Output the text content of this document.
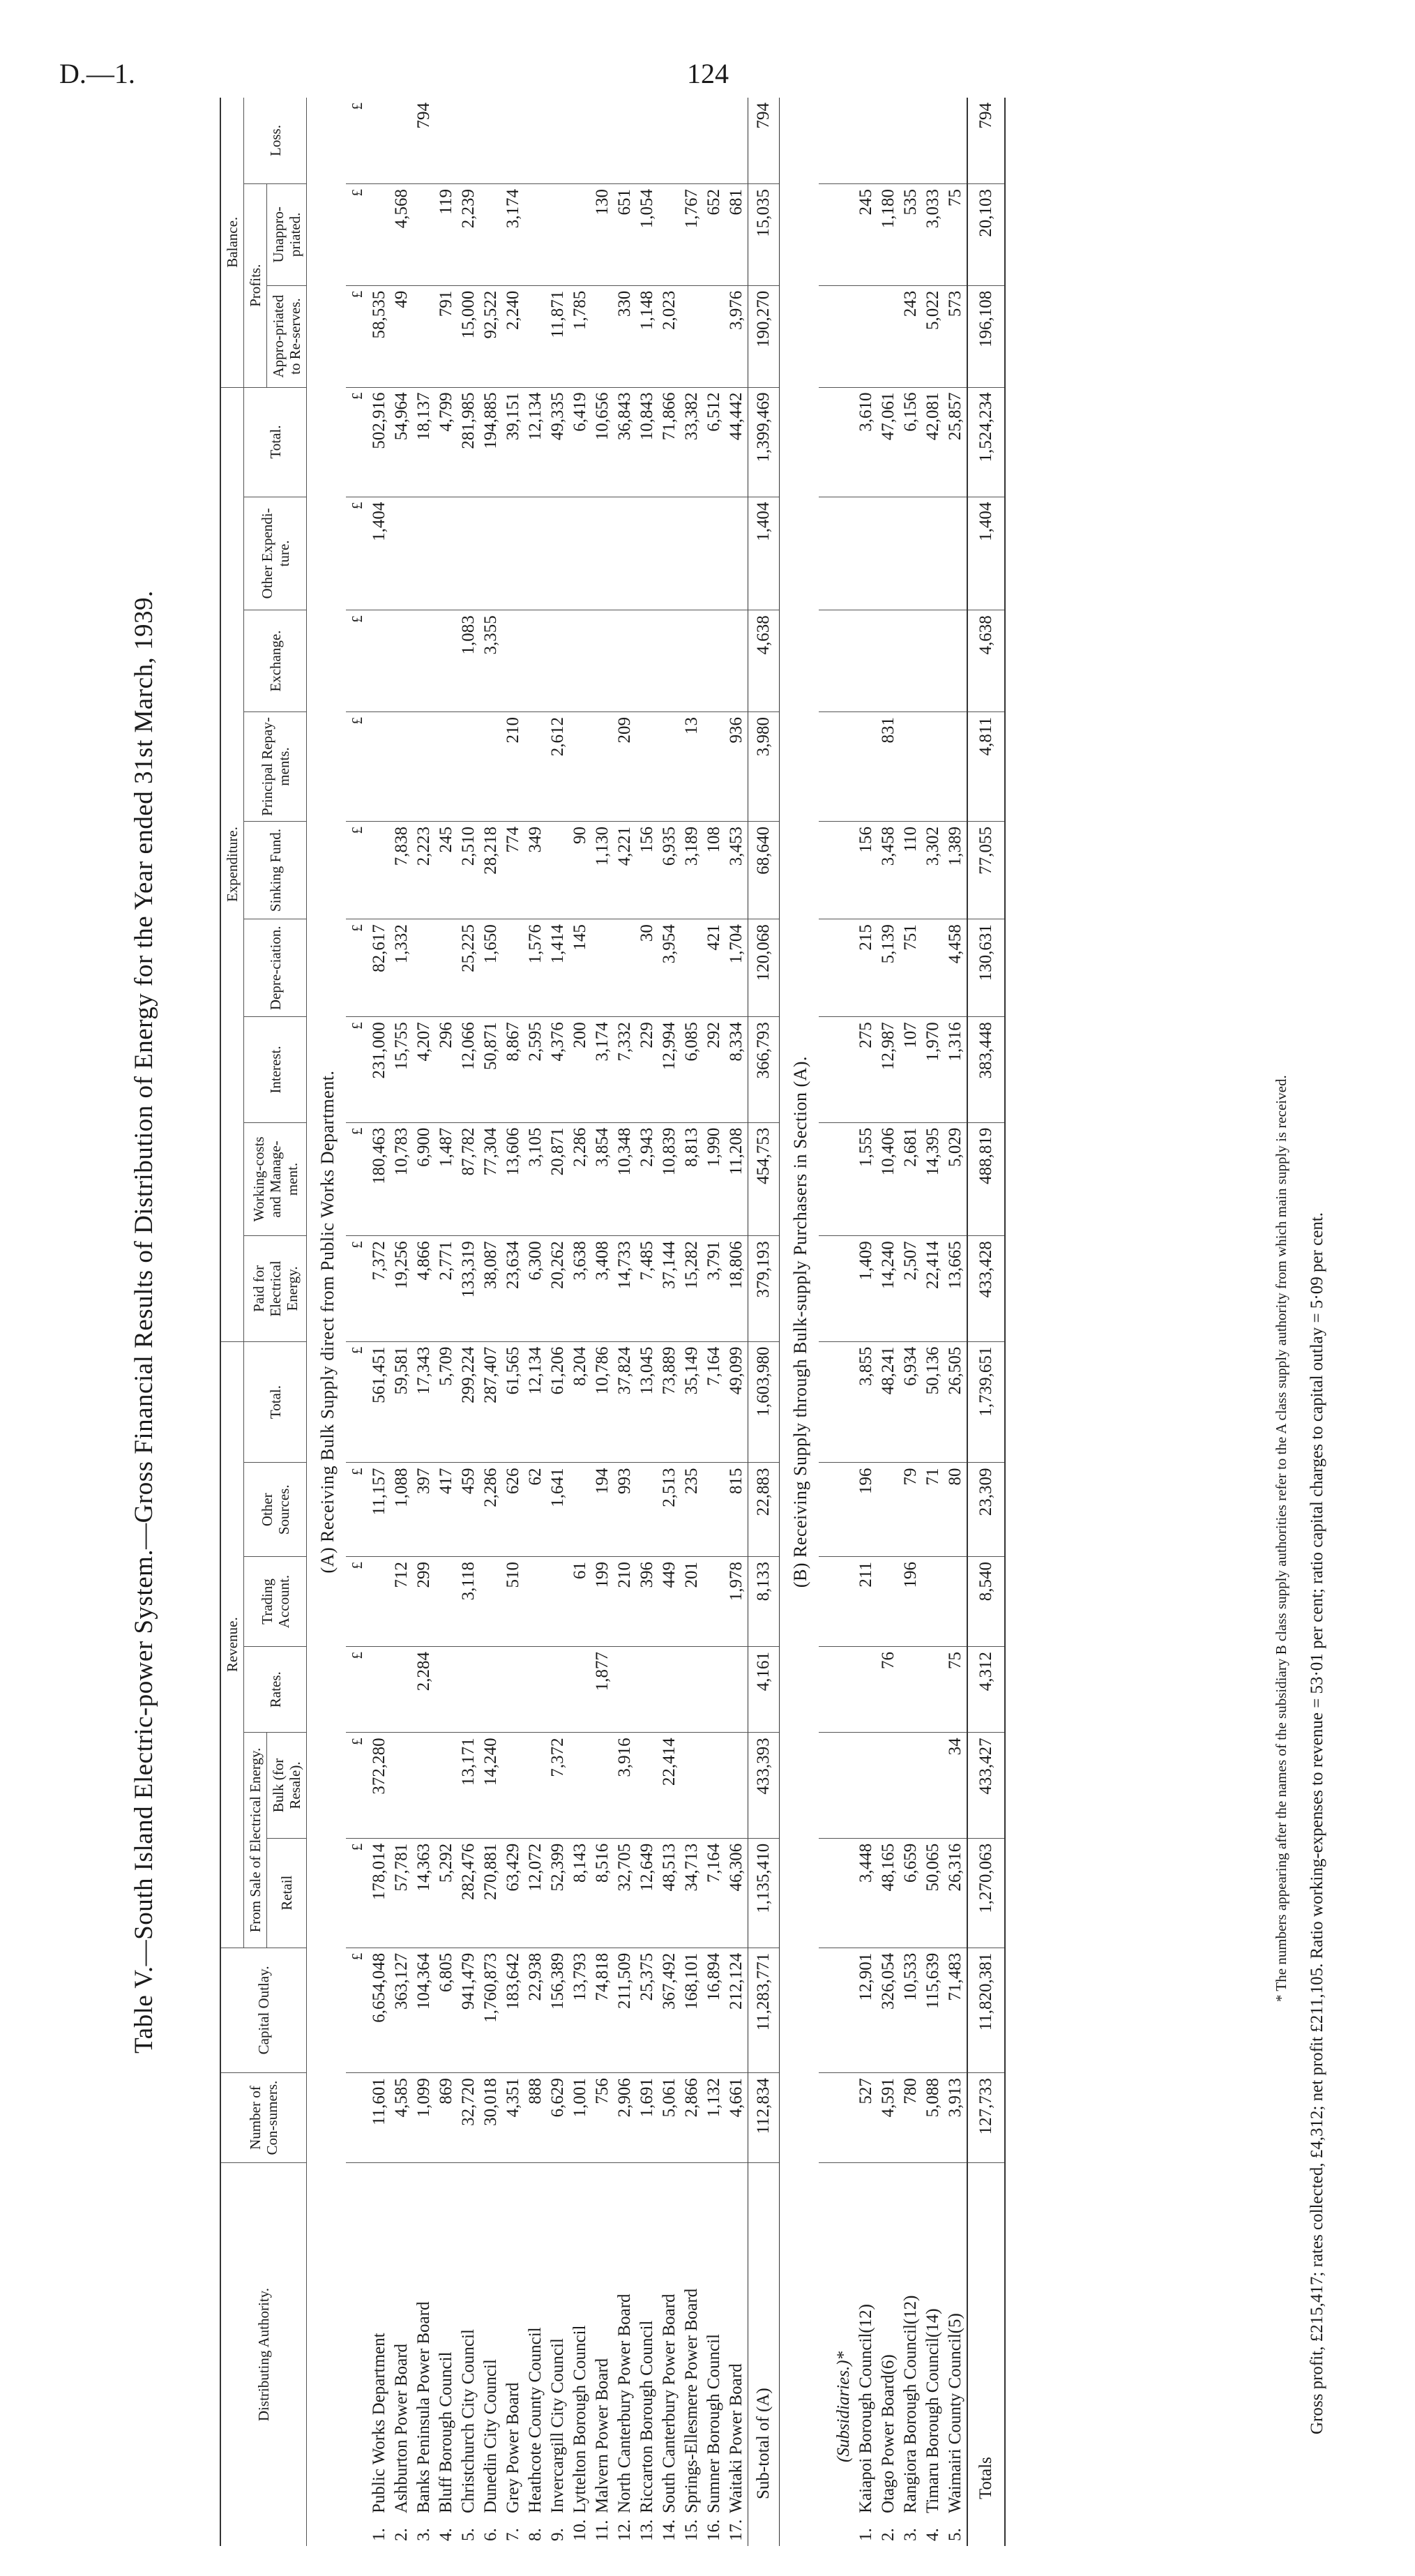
D.—1.	124
Table V.—South Island Electric-power System.—Gross Financial Results of Distribution of Energy for the Year ended 31st March, 1939.
Distributing Authority.	Number of Con-sumers.	Capital Outlay.	Revenue.						Expenditure.									Balance.		
			From Sale of Electrical Energy.		Rates.	Trading Account.	Other Sources.	Total.	Paid for Electrical Energy.	Working-costs and Manage-ment.	Interest.	Depre-ciation.	Sinking Fund.	Principal Repay-ments.	Exchange.	Other Expendi-ture.	Total.	Profits.		Loss.
																		Appro-priated to Re-serves.	Unappro-priated.	
			Retail	Bulk (for Resale).																
(A) Receiving Bulk Supply direct from Public Works Department.																				
		£	£	£	£	£	£	£	£	£	£	£	£	£	£	£	£	£	£	£
1.Public Works Department	11,601	6,654,048	178,014	372,280			11,157	561,451	7,372	180,463	231,000	82,617				1,404	502,916	58,535		
2.Ashburton Power Board	4,585	363,127	57,781			712	1,088	59,581	19,256	10,783	15,755	1,332	7,838				54,964	49	4,568	
3.Banks Peninsula Power Board	1,099	104,364	14,363		2,284	299	397	17,343	4,866	6,900	4,207		2,223				18,137			794
4.Bluff Borough Council	869	6,805	5,292				417	5,709	2,771	1,487	296		245				4,799	791	119	
5.Christchurch City Council	32,720	941,479	282,476	13,171		3,118	459	299,224	133,319	87,782	12,066	25,225	2,510		1,083		281,985	15,000	2,239	
6.Dunedin City Council	30,018	1,760,873	270,881	14,240			2,286	287,407	38,087	77,304	50,871	1,650	28,218		3,355		194,885	92,522		
7.Grey Power Board	4,351	183,642	63,429			510	626	61,565	23,634	13,606	8,867		774	210			39,151	2,240	3,174	
8.Heathcote County Council	888	22,938	12,072				62	12,134	6,300	3,105	2,595	1,576	349				12,134			
9.Invercargill City Council	6,629	156,389	52,399	7,372			1,641	61,206	20,262	20,871	4,376	1,414		2,612			49,335	11,871		
10.Lyttelton Borough Council	1,001	13,793	8,143			61		8,204	3,638	2,286	200	145	90				6,419	1,785		
11.Malvern Power Board	756	74,818	8,516		1,877	199	194	10,786	3,408	3,854	3,174		1,130				10,656		130	
12.North Canterbury Power Board	2,906	211,509	32,705	3,916		210	993	37,824	14,733	10,348	7,332		4,221	209			36,843	330	651	
13.Riccarton Borough Council	1,691	25,375	12,649			396		13,045	7,485	2,943	229	30	156				10,843	1,148	1,054	
14.South Canterbury Power Board	5,061	367,492	48,513	22,414		449	2,513	73,889	37,144	10,839	12,994	3,954	6,935				71,866	2,023		
15.Springs-Ellesmere Power Board	2,866	168,101	34,713			201	235	35,149	15,282	8,813	6,085		3,189	13			33,382		1,767	
16.Sumner Borough Council	1,132	16,894	7,164					7,164	3,791	1,990	292	421	108				6,512		652	
17.Waitaki Power Board	4,661	212,124	46,306			1,978	815	49,099	18,806	11,208	8,334	1,704	3,453	936			44,442	3,976	681	
Sub-total of (A)	112,834	11,283,771	1,135,410	433,393	4,161	8,133	22,883	1,603,980	379,193	454,753	366,793	120,068	68,640	3,980	4,638	1,404	1,399,469	190,270	15,035	794
(B) Receiving Supply through Bulk-supply Purchasers in Section (A).																				
(Subsidiaries.)*																				
1.Kaiapoi Borough Council(12)	527	12,901	3,448			211	196	3,855	1,409	1,555	275	215	156				3,610		245	
2.Otago Power Board(6)	4,591	326,054	48,165		76			48,241	14,240	10,406	12,987	5,139	3,458	831			47,061		1,180	
3.Rangiora Borough Council(12)	780	10,533	6,659			196	79	6,934	2,507	2,681	107	751	110				6,156	243	535	
4.Timaru Borough Council(14)	5,088	115,639	50,065				71	50,136	22,414	14,395	1,970		3,302				42,081	5,022	3,033	
5.Waimairi County Council(5)	3,913	71,483	26,316	34	75		80	26,505	13,665	5,029	1,316	4,458	1,389				25,857	573	75	
Totals	127,733	11,820,381	1,270,063	433,427	4,312	8,540	23,309	1,739,651	433,428	488,819	383,448	130,631	77,055	4,811	4,638	1,404	1,524,234	196,108	20,103	794
* The numbers appearing after the names of the subsidiary B class supply authorities refer to the A class supply authority from which main supply is received. Gross profit, £215,417; rates collected, £4,312; net profit £211,105. Ratio working-expenses to revenue = 53·01 per cent; ratio capital charges to capital outlay = 5·09 per cent.
